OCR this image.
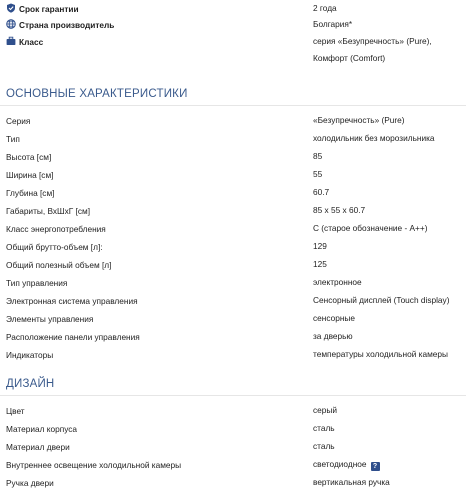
Срок гарантии	2 года
Страна производитель	Болгария*
Класс	серия «Безупречность» (Pure), Комфорт (Comfort)
ОСНОВНЫЕ ХАРАКТЕРИСТИКИ
Серия	«Безупречность» (Pure)
Тип	холодильник без морозильника
Высота [см]	85
Ширина [см]	55
Глубина [см]	60.7
Габариты, ВхШхГ [см]	85 х 55 х 60.7
Класс энергопотребления	С (старое обозначение - А++)
Общий брутто-объем [л]:	129
Общий полезный объем [л]	125
Тип управления	электронное
Электронная система управления	Сенсорный дисплей (Touch display)
Элементы управления	сенсорные
Расположение панели управления	за дверью
Индикаторы	температуры холодильной камеры
ДИЗАЙН
Цвет	серый
Материал корпуса	сталь
Материал двери	сталь
Внутреннее освещение холодильной камеры	светодиодное ?
Ручка двери	вертикальная ручка
